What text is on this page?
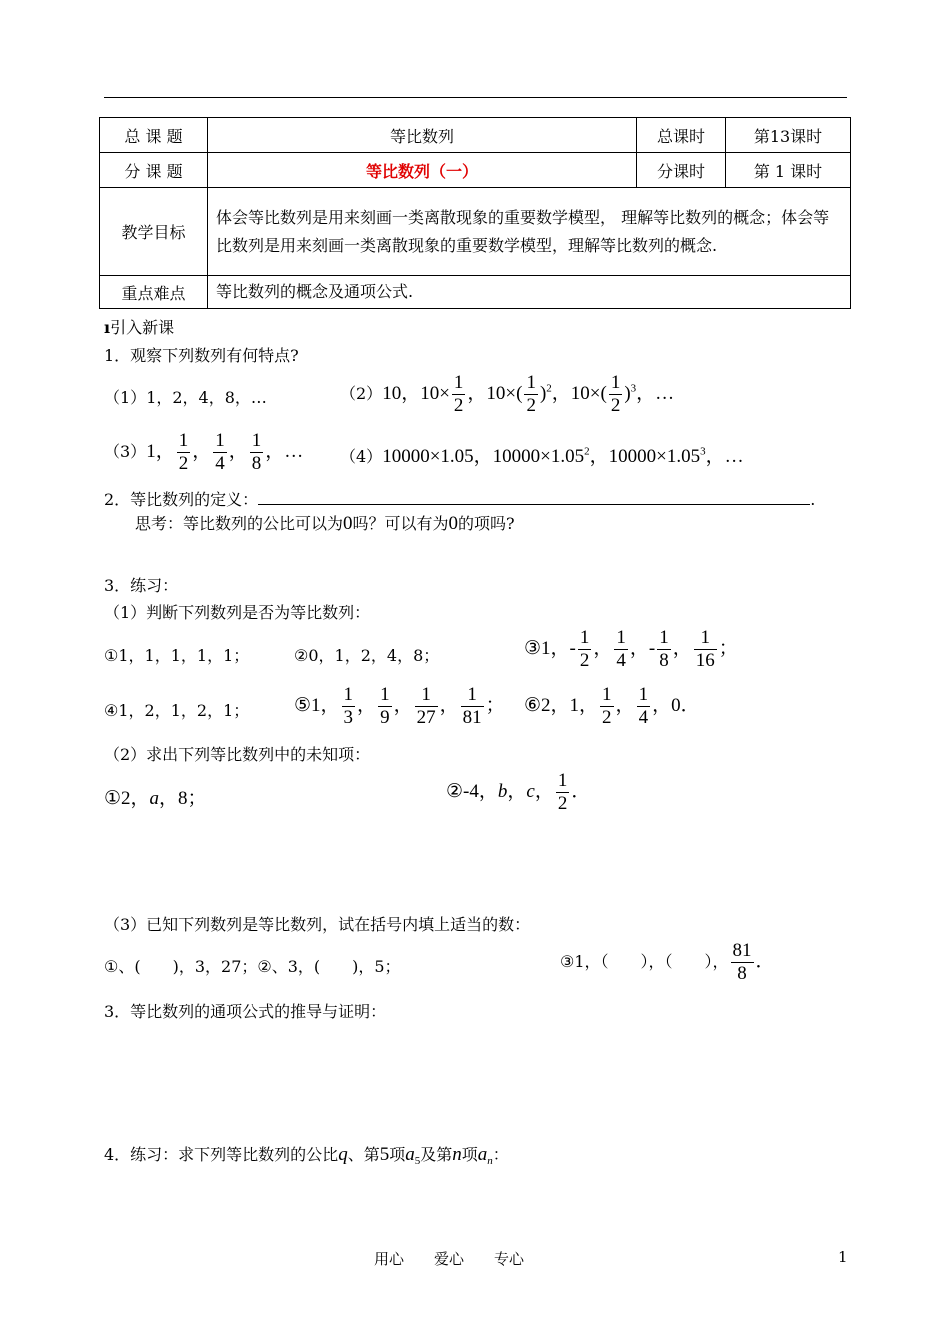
总 课 题	等比数列	总课时	第13课时
分 课 题	等比数列（一）	分课时	第 1 课时
教学目标	体会等比数列是用来刻画一类离散现象的重要数学模型， 理解等比数列的概念；体会等比数列是用来刻画一类离散现象的重要数学模型，理解等比数列的概念.		
重点难点	等比数列的概念及通项公式.		
ı引入新课
1．观察下列数列有何特点?
（1）1，2，4，8，…	（2）10，$10\times \frac{1}{2}$ ，$10\times( \frac{1}{2} )^2$，$10\times( \frac{1}{2} )^3$，…
（3）1， $\frac{1}{2}$ ， $\frac{1}{4}$ ， $\frac{1}{8}$ ，… （4）10000×1.05，$10000\times 1.05^2$，$10000\times 1.05^3$，…
2．等比数列的定义：	.
思考：等比数列的公比可以为0吗？可以有为0的项吗?
3．练习：
（1）判断下列数列是否为等比数列：
①1，1，1，1，1；	②0，1，2，4，8；	③1，- $\frac{1}{2}$ ， $\frac{1}{4}$ ，- $\frac{1}{8}$ ， $\frac{1}{16}$ ；
④1，2，1，2，1； ⑤1， $\frac{1}{3}$ ， $\frac{1}{9}$ ， $\frac{1}{27}$ ， $\frac{1}{81}$ ； ⑥2，1， $\frac{1}{2}$ ， $\frac{1}{4}$ ，0．
（2）求出下列等比数列中的未知项：
①2，a，8；	②-4，b，c， $\frac{1}{2}$ ．
（3）已知下列数列是等比数列，试在括号内填上适当的数：
①、(　　)，3，27；②、3，(　　)，5；	③1，（　　），（　　）， $\frac{81}{8}$ ．
3．等比数列的通项公式的推导与证明：
4．练习：求下列等比数列的公比q、第5项$a_5$及第n项$a_n$：
用心　　爱心　　专心	1
